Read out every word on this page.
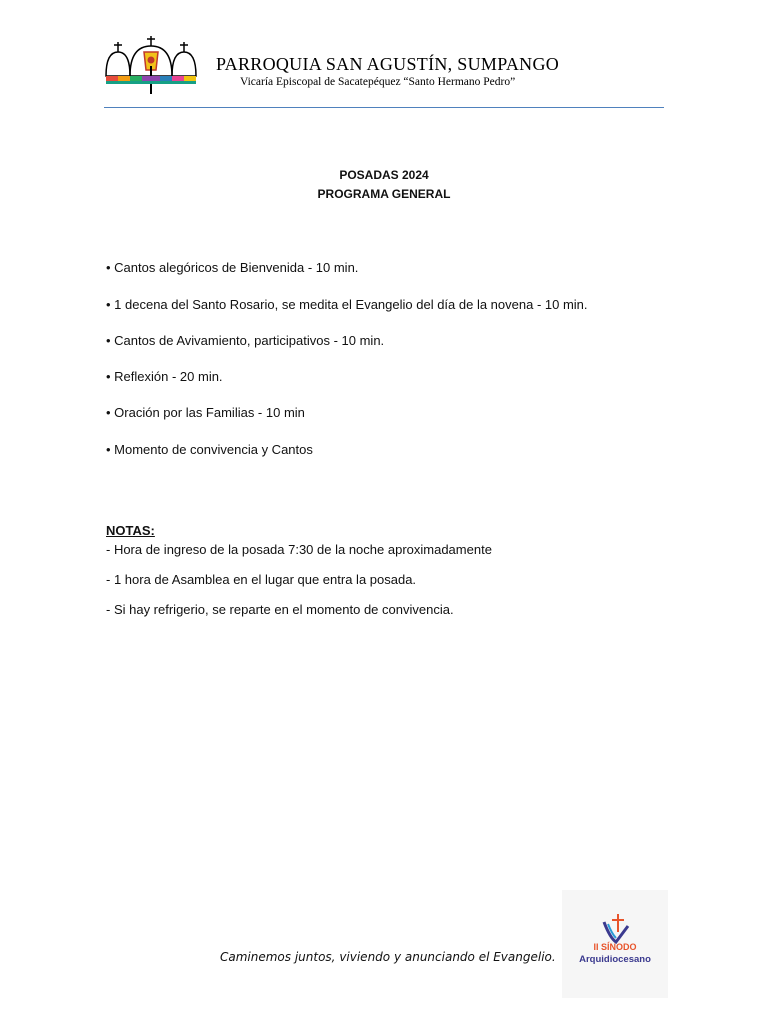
PARROQUIA SAN AGUSTÍN, SUMPANGO
Vicaría Episcopal de Sacatepéquez “Santo Hermano Pedro”
POSADAS 2024
PROGRAMA GENERAL
• Cantos alegóricos de Bienvenida - 10 min.
• 1 decena del Santo Rosario, se medita el Evangelio del día de la novena - 10 min.
• Cantos de Avivamiento, participativos - 10 min.
• Reflexión - 20 min.
• Oración por las Familias - 10 min
• Momento de convivencia y Cantos
NOTAS:
- Hora de ingreso de la posada 7:30 de la noche aproximadamente
- 1 hora de Asamblea en el lugar que entra la posada.
- Si hay refrigerio, se reparte en el momento de convivencia.
Caminemos juntos, viviendo y anunciando el Evangelio.
II SÍNODO
Arquidiocesano
